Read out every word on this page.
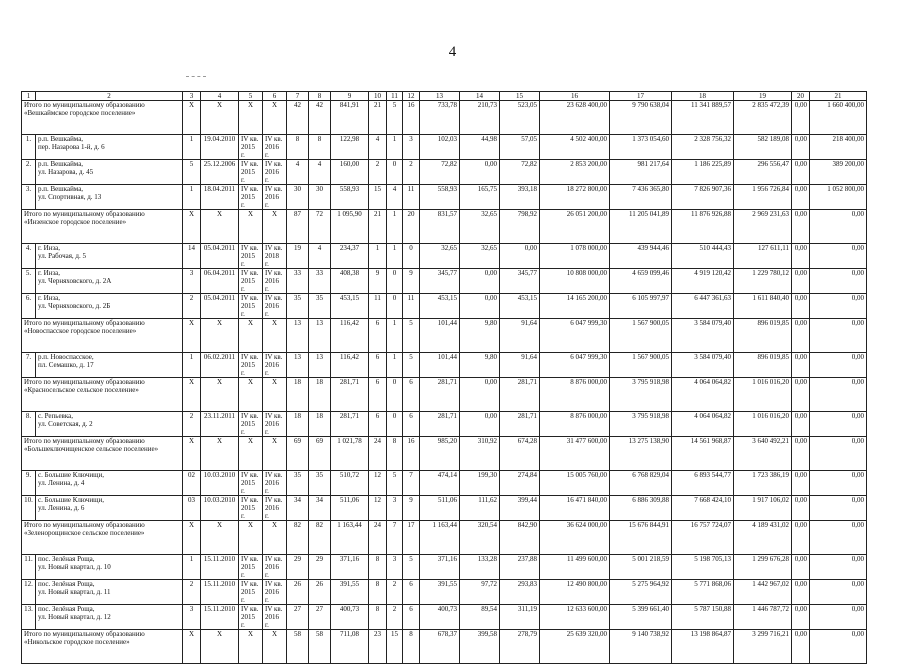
4
1	2	3	4	5	6	7	8	9	10	11	12	13	14	15	16	17	18	19	20	21
Итого по муниципальному образованию «Вешкаймское городское поселение»		X	X	X	X	42	42	841,91	21	5	16	733,78	210,73	523,05	23 628 400,00	9 790 638,04	11 341 889,57	2 835 472,39	0,00	1 660 400,00
1.	р.п. Вешкайма,
пер. Назарова 1-й, д. 6	1	19.04.2010	IV кв.
2015 г.	IV кв.
2016 г.	8	8	122,98	4	1	3	102,03	44,98	57,05	4 502 400,00	1 373 054,60	2 328 756,32	582 189,08	0,00	218 400,00
2.	р.п. Вешкайма,
ул. Назарова, д. 45	5	25.12.2006	IV кв.
2015 г.	IV кв.
2016 г.	4	4	160,00	2	0	2	72,82	0,00	72,82	2 853 200,00	981 217,64	1 186 225,89	296 556,47	0,00	389 200,00
3.	р.п. Вешкайма,
ул. Спортивная, д. 13	1	18.04.2011	IV кв.
2015 г.	IV кв.
2016 г.	30	30	558,93	15	4	11	558,93	165,75	393,18	18 272 800,00	7 436 365,80	7 826 907,36	1 956 726,84	0,00	1 052 800,00
Итого по муниципальному образованию «Инзенское городское поселение»		X	X	X	X	87	72	1 095,90	21	1	20	831,57	32,65	798,92	26 051 200,00	11 205 041,89	11 876 926,88	2 969 231,63	0,00	0,00
4.	г. Инза,
ул. Рабочая, д. 5	14	05.04.2011	IV кв.
2015 г.	IV кв.
2018 г.	19	4	234,37	1	1	0	32,65	32,65	0,00	1 078 000,00	439 944,46	510 444,43	127 611,11	0,00	0,00
5.	г. Инза,
ул. Черняховского, д. 2А	3	06.04.2011	IV кв.
2015 г.	IV кв.
2016 г.	33	33	408,38	9	0	9	345,77	0,00	345,77	10 808 000,00	4 659 099,46	4 919 120,42	1 229 780,12	0,00	0,00
6.	г. Инза,
ул. Черняховского, д. 2Б	2	05.04.2011	IV кв.
2015 г.	IV кв.
2016 г.	35	35	453,15	11	0	11	453,15	0,00	453,15	14 165 200,00	6 105 997,97	6 447 361,63	1 611 840,40	0,00	0,00
Итого по муниципальному образованию «Новоспасское городское поселение»		X	X	X	X	13	13	116,42	6	1	5	101,44	9,80	91,64	6 047 999,30	1 567 900,05	3 584 079,40	896 019,85	0,00	0,00
7.	р.п. Новоспасское,
пл. Семашко, д. 17	1	06.02.2011	IV кв.
2015 г.	IV кв.
2016 г.	13	13	116,42	6	1	5	101,44	9,80	91,64	6 047 999,30	1 567 900,05	3 584 079,40	896 019,85	0,00	0,00
Итого по муниципальному образованию «Красносельское сельское поселение»		X	X	X	X	18	18	281,71	6	0	6	281,71	0,00	281,71	8 876 000,00	3 795 918,98	4 064 064,82	1 016 016,20	0,00	0,00
8.	с. Репьевка,
ул. Советская, д. 2	2	23.11.2011	IV кв.
2015 г.	IV кв.
2016 г.	18	18	281,71	6	0	6	281,71	0,00	281,71	8 876 000,00	3 795 918,98	4 064 064,82	1 016 016,20	0,00	0,00
Итого по муниципальному образованию «Большеключищенское сельское поселение»		X	X	X	X	69	69	1 021,78	24	8	16	985,20	310,92	674,28	31 477 600,00	13 275 138,90	14 561 968,87	3 640 492,21	0,00	0,00
9.	с. Большие Ключищи,
ул. Ленина, д. 4	02	10.03.2010	IV кв.
2015 г.	IV кв.
2016 г.	35	35	510,72	12	5	7	474,14	199,30	274,84	15 005 760,00	6 768 829,04	6 893 544,77	1 723 386,19	0,00	0,00
10.	с. Большие Ключищи,
ул. Ленина, д. 6	03	10.03.2010	IV кв.
2015 г.	IV кв.
2016 г.	34	34	511,06	12	3	9	511,06	111,62	399,44	16 471 840,00	6 886 309,88	7 668 424,10	1 917 106,02	0,00	0,00
Итого по муниципальному образованию «Зеленорощинское сельское поселение»		X	X	X	X	82	82	1 163,44	24	7	17	1 163,44	320,54	842,90	36 624 000,00	15 676 844,91	16 757 724,07	4 189 431,02	0,00	0,00
11.	пос. Зелёная Роща,
ул. Новый квартал, д. 10	1	15.11.2010	IV кв.
2015 г.	IV кв.
2016 г.	29	29	371,16	8	3	5	371,16	133,28	237,88	11 499 600,00	5 001 218,59	5 198 705,13	1 299 676,28	0,00	0,00
12.	пос. Зелёная Роща,
ул. Новый квартал, д. 11	2	15.11.2010	IV кв.
2015 г.	IV кв.
2016 г.	26	26	391,55	8	2	6	391,55	97,72	293,83	12 490 800,00	5 275 964,92	5 771 868,06	1 442 967,02	0,00	0,00
13.	пос. Зелёная Роща,
ул. Новый квартал, д. 12	3	15.11.2010	IV кв.
2015 г.	IV кв.
2016 г.	27	27	400,73	8	2	6	400,73	89,54	311,19	12 633 600,00	5 399 661,40	5 787 150,88	1 446 787,72	0,00	0,00
Итого по муниципальному образованию «Никольское городское поселение»		X	X	X	X	58	58	711,08	23	15	8	678,37	399,58	278,79	25 639 320,00	9 140 738,92	13 198 864,87	3 299 716,21	0,00	0,00
